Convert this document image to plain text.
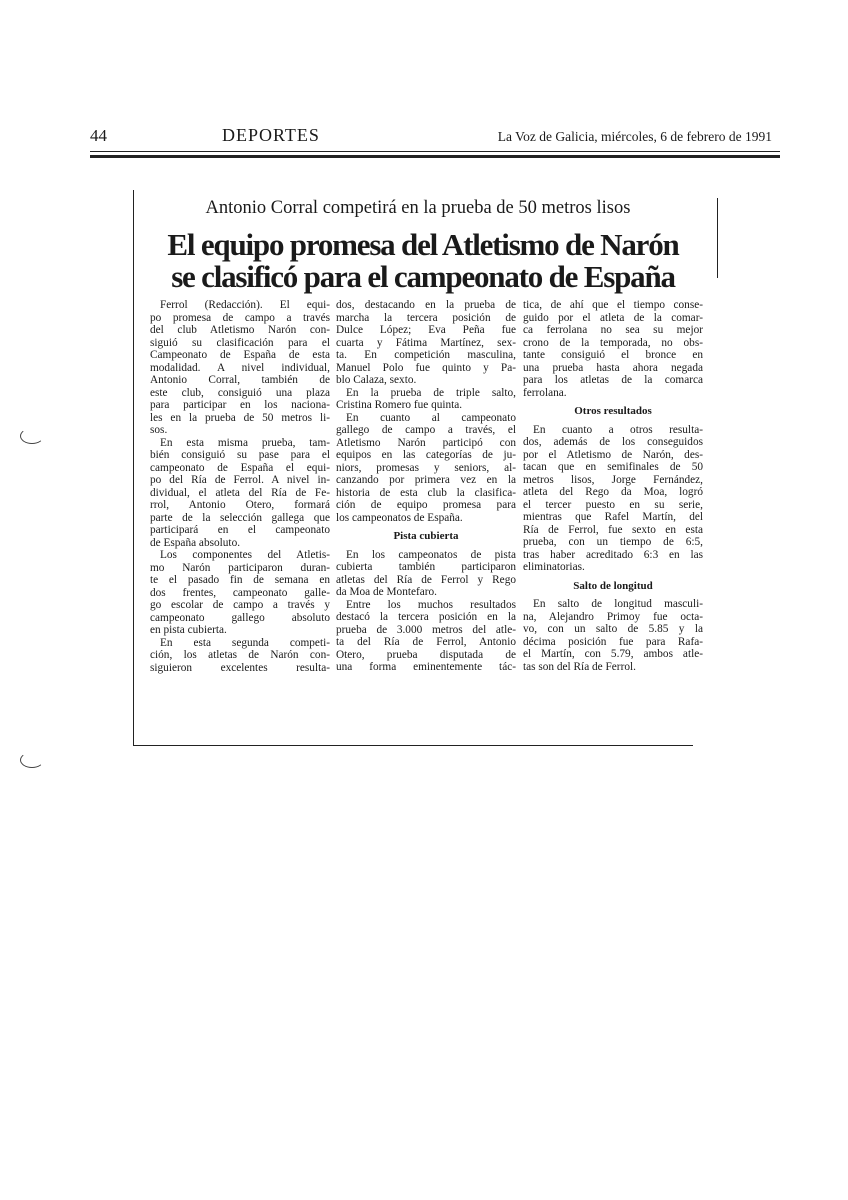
44	DEPORTES	La Voz de Galicia, miércoles, 6 de febrero de 1991
Antonio Corral competirá en la prueba de 50 metros lisos
El equipo promesa del Atletismo de Narón
se clasificó para el campeonato de España
Ferrol (Redacción). El equi-
po promesa de campo a través
del club Atletismo Narón con-
siguió su clasificación para el
Campeonato de España de esta
modalidad. A nivel individual,
Antonio Corral, también de
este club, consiguió una plaza
para participar en los naciona-
les en la prueba de 50 metros li-
sos.
En esta misma prueba, tam-
bién consiguió su pase para el
campeonato de España el equi-
po del Ría de Ferrol. A nivel in-
dividual, el atleta del Ría de Fe-
rrol, Antonio Otero, formará
parte de la selección gallega que
participará en el campeonato
de España absoluto.
Los componentes del Atletis-
mo Narón participaron duran-
te el pasado fin de semana en
dos frentes, campeonato galle-
go escolar de campo a través y
campeonato gallego absoluto
en pista cubierta.
En esta segunda competi-
ción, los atletas de Narón con-
siguieron excelentes resulta-
dos, destacando en la prueba de
marcha la tercera posición de
Dulce López; Eva Peña fue
cuarta y Fátima Martínez, sex-
ta. En competición masculina,
Manuel Polo fue quinto y Pa-
blo Calaza, sexto.
En la prueba de triple salto,
Cristina Romero fue quinta.
En cuanto al campeonato
gallego de campo a través, el
Atletismo Narón participó con
equipos en las categorías de ju-
niors, promesas y seniors, al-
canzando por primera vez en la
historia de esta club la clasifica-
ción de equipo promesa para
los campeonatos de España.
Pista cubierta
En los campeonatos de pista
cubierta también participaron
atletas del Ría de Ferrol y Rego
da Moa de Montefaro.
Entre los muchos resultados
destacó la tercera posición en la
prueba de 3.000 metros del atle-
ta del Ría de Ferrol, Antonio
Otero, prueba disputada de
una forma eminentemente tác-
tica, de ahí que el tiempo conse-
guido por el atleta de la comar-
ca ferrolana no sea su mejor
crono de la temporada, no obs-
tante consiguió el bronce en
una prueba hasta ahora negada
para los atletas de la comarca
ferrolana.
Otros resultados
En cuanto a otros resulta-
dos, además de los conseguidos
por el Atletismo de Narón, des-
tacan que en semifinales de 50
metros lisos, Jorge Fernández,
atleta del Rego da Moa, logró
el tercer puesto en su serie,
mientras que Rafel Martín, del
Ría de Ferrol, fue sexto en esta
prueba, con un tiempo de 6:5,
tras haber acreditado 6:3 en las
eliminatorias.
Salto de longitud
En salto de longitud masculi-
na, Alejandro Primoy fue octa-
vo, con un salto de 5.85 y la
décima posición fue para Rafa-
el Martín, con 5.79, ambos atle-
tas son del Ría de Ferrol.
